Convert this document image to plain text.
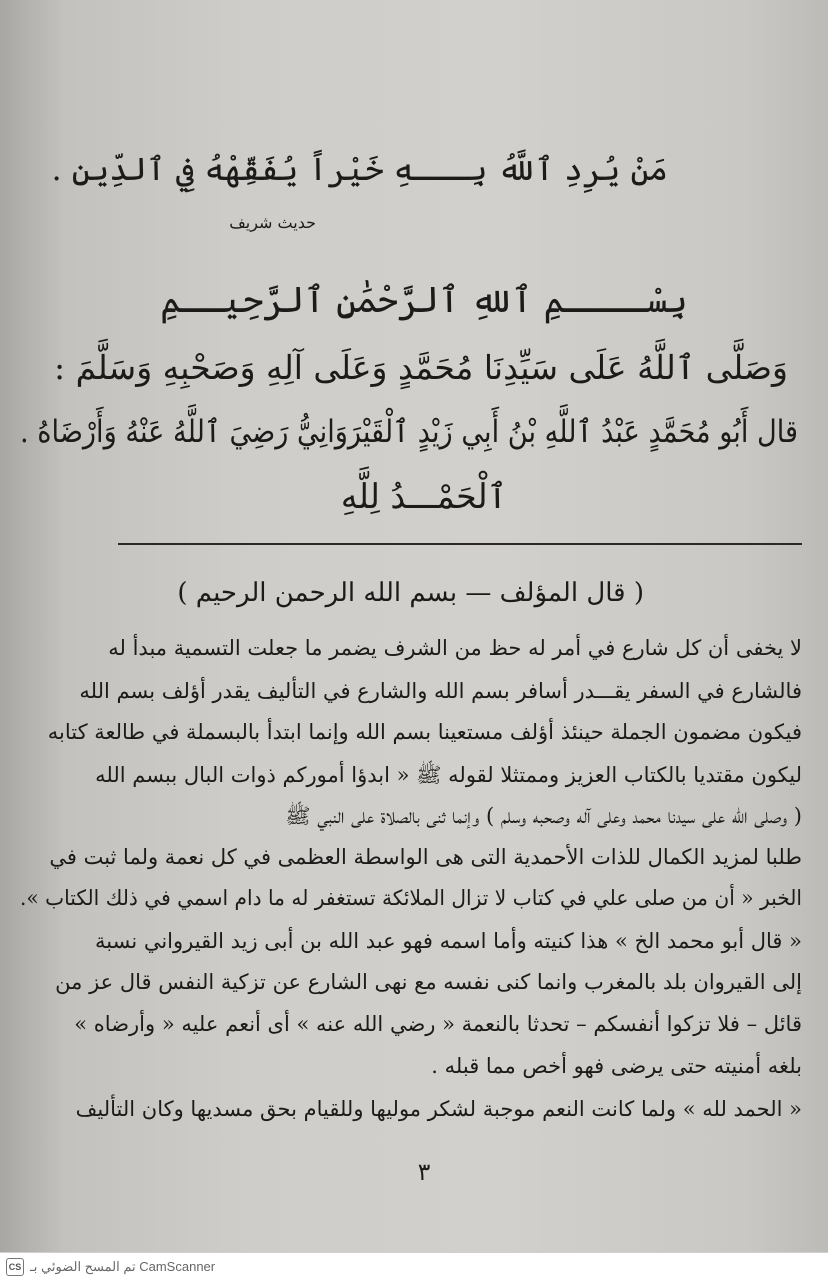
مَنْ يُرِدِ ٱللَّهُ بِـــهِ خَيْراً يُفَقِّهْهُ فِي ٱلدِّينِ .
حديث شريف
بِسْــــمِ ٱللهِ ٱلرَّحْمَٰنِ ٱلرَّحِيــمِ
وَصَلَّى ٱللَّهُ عَلَى سَيِّدِنَا مُحَمَّدٍ وَعَلَى آلِهِ وَصَحْبِهِ وَسَلَّمَ :
قال أَبُو مُحَمَّدٍ عَبْدُ ٱللَّهِ بْنُ أَبِي زَيْدٍ ٱلْقَيْرَوَانِيُّ رَضِيَ ٱللَّهُ عَنْهُ وَأَرْضَاهُ .
ٱلْحَمْـــدُ لِلَّهِ
( قال المؤلف — بسم الله الرحمن الرحيم )
لا يخفى أن كل شارع في أمر له حظ من الشرف يضمر ما جعلت التسمية مبدأ له
فالشارع في السفر يقـــدر أسافر بسم الله والشارع في التأليف يقدر أؤلف بسم الله
فيكون مضمون الجملة حينئذ أؤلف مستعينا بسم الله وإنما ابتدأ بالبسملة في طالعة كتابه
ليكون مقتديا بالكتاب العزيز وممتثلا لقوله ﷺ « ابدؤا أموركم ذوات البال ببسم الله
( وصلى الله على سيدنا محمد وعلى آله وصحبه وسلم ) وإنما ثنى بالصلاة على النبي ﷺ
طلبا لمزيد الكمال للذات الأحمدية التى هى الواسطة العظمى في كل نعمة ولما ثبت في
الخبر « أن من صلى علي في كتاب لا تزال الملائكة تستغفر له ما دام اسمي في ذلك الكتاب ».
« قال أبو محمد الخ » هذا كنيته وأما اسمه فهو عبد الله بن أبى زيد القيرواني نسبة
إلى القيروان بلد بالمغرب وانما كنى نفسه مع نهى الشارع عن تزكية النفس قال عز من
قائل – فلا تزكوا أنفسكم – تحدثا بالنعمة « رضي الله عنه » أى أنعم عليه « وأرضاه »
بلغه أمنيته حتى يرضى فهو أخص مما قبله .
« الحمد لله » ولما كانت النعم موجبة لشكر موليها وللقيام بحق مسديها وكان التأليف
٣
CS تم المسح الضوئي بـ CamScanner
